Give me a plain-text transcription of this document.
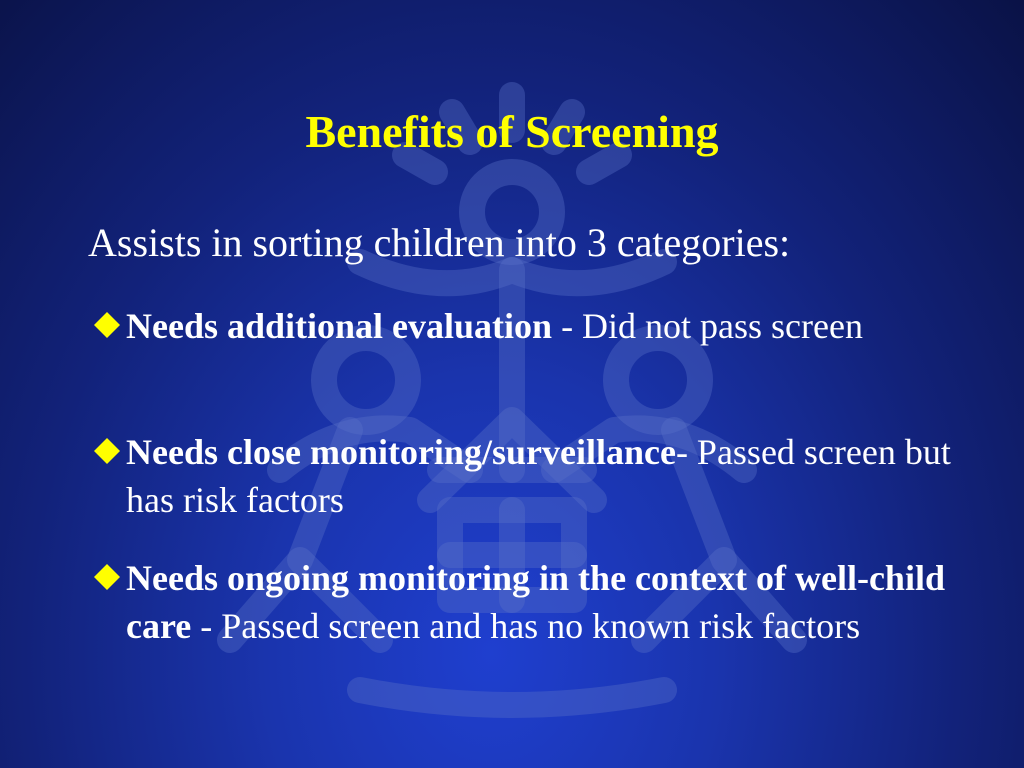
Benefits of Screening
Assists in sorting children into 3 categories:
Needs additional evaluation - Did not pass screen
Needs close monitoring/surveillance- Passed screen but has risk factors
Needs ongoing monitoring in the context of well-child care - Passed screen and has no known risk factors
